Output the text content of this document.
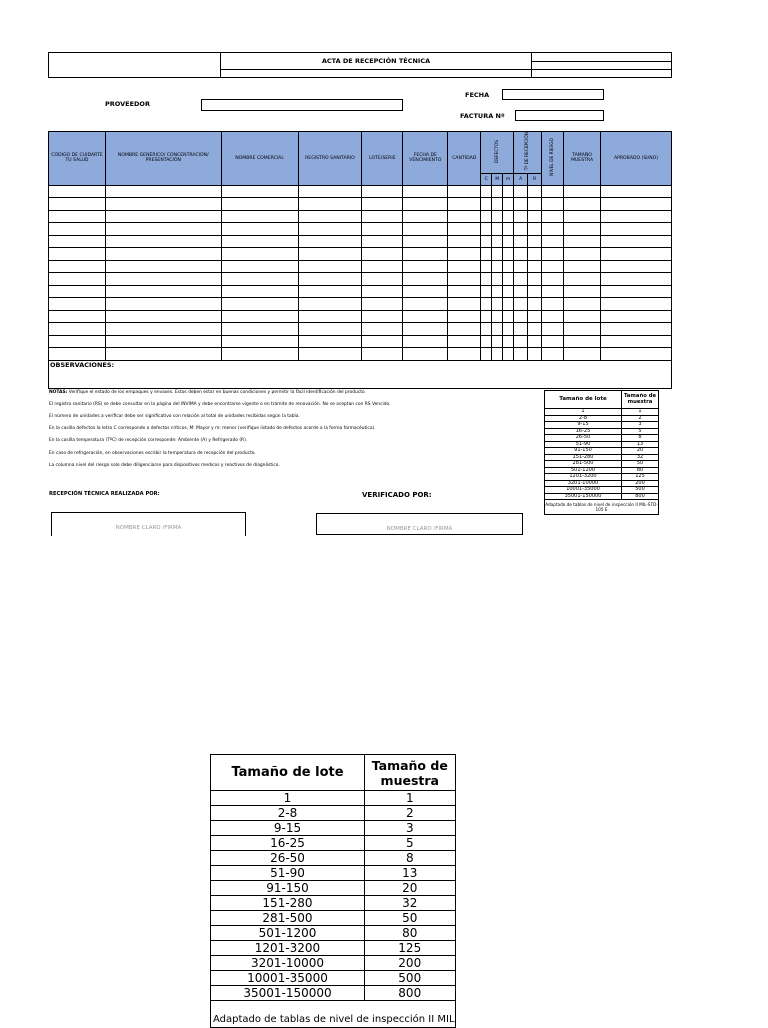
ACTA DE RECEPCIÓN TÉCNICA
PROVEEDOR
FECHA
FACTURA Nº
CÓDIGO DE CUIDARTE TU SALUD	NOMBRE GENÉRICO/ CONCENTRACIÓN/ PRESENTACIÓN	NOMBRE COMERCIAL	REGISTRO SANITARIO	LOTE/SERIE	FECHA DE VENCIMIENTO	CANTIDAD	DEFECTOS			Tº DE RECEPCIÓN		NIVEL DE RIESGO	TAMAÑO MUESTRA	APROBADO (SI/NO)
							C	M	m	A	R			

OBSERVACIONES:														
NOTAS: Verifique el estado de los empaques y envases. Estos deben estar en buenas condiciones y permitir la fácil identificación del producto.
El registro sanitario (RS) se debe consultar en la página del INVIMA y debe encontrarse vigente o en trámite de renovación. No se aceptan con RS Vencido.
El número de unidades a verificar debe ser significativo con relación al total de unidades recibidas según la tabla.
En la casilla defectos la letra C corresponde a defectos críticos, M: Mayor y m: menor (verifique listado de defectos acorde a la forma farmacéutica).
En la casilla temperatura (TºC) de recepción corresponde: Ambiente (A) y Refrigerado (R).
En caso de refrigeración, en observaciones escribir la temperatura de recepción del producto.
La columna nivel del riesgo solo debe diligenciarse para dispositivos medicos y reactivos de diagnóstico.
RECEPCIÓN TÉCNICA REALIZADA POR:	VERIFICADO POR:
NOMBRE CLARO /FIRMA	NOMBRE CLARO /FIRMA
Tamaño de lote	Tamaño de muestra
1	1
2-8	2
9-15	3
16-25	5
26-50	8
51-90	13
91-150	20
151-280	32
281-500	50
501-1200	80
1201-3200	125
3201-10000	200
10001-35000	500
35001-150000	800
Adaptado de tablas de nivel de inspección II MIL-STD-105 E	
Tamaño de lote	Tamaño de muestra
1	1
2-8	2
9-15	3
16-25	5
26-50	8
51-90	13
91-150	20
151-280	32
281-500	50
501-1200	80
1201-3200	125
3201-10000	200
10001-35000	500
35001-150000	800
Adaptado de tablas de nivel de inspección II MIL	
